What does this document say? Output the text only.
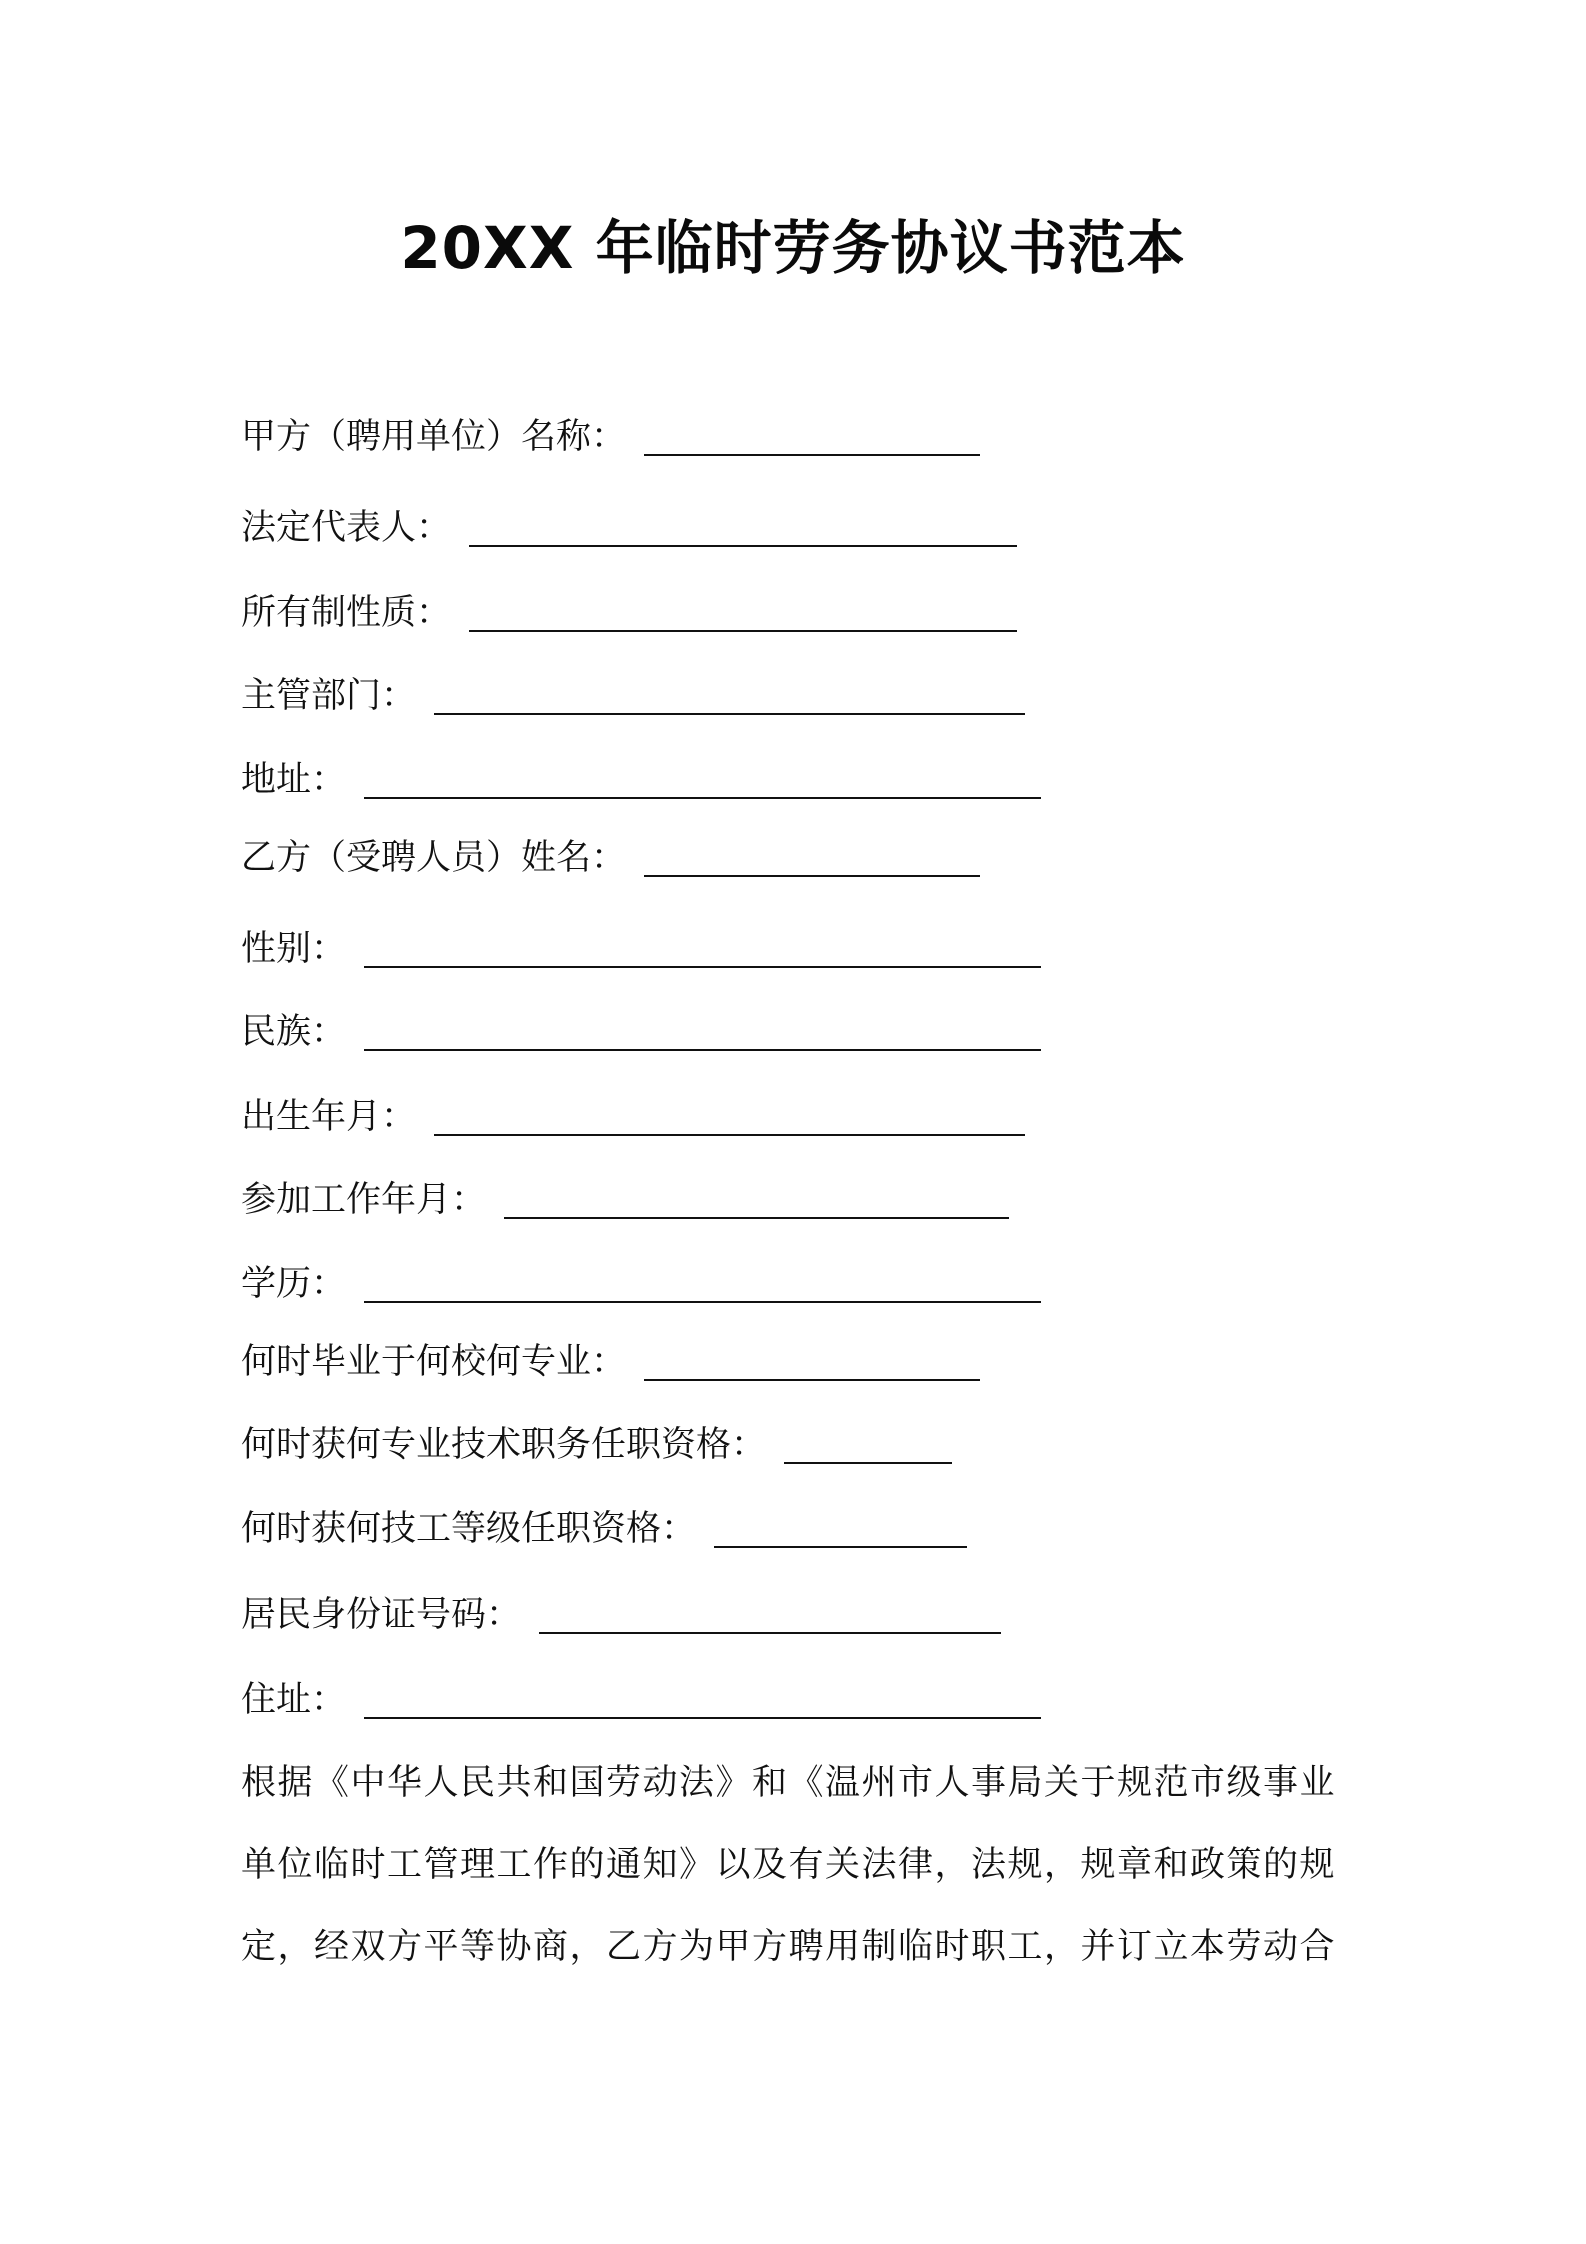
20XX 年临时劳务协议书范本
甲方（聘用单位）名称：
法定代表人：
所有制性质：
主管部门：
地址：
乙方（受聘人员）姓名：
性别：
民族：
出生年月：
参加工作年月：
学历：
何时毕业于何校何专业：
何时获何专业技术职务任职资格：
何时获何技工等级任职资格：
居民身份证号码：
住址：
根据《中华人民共和国劳动法》和《温州市人事局关于规范市级事业
单位临时工管理工作的通知》以及有关法律，法规，规章和政策的规
定，经双方平等协商，乙方为甲方聘用制临时职工，并订立本劳动合
